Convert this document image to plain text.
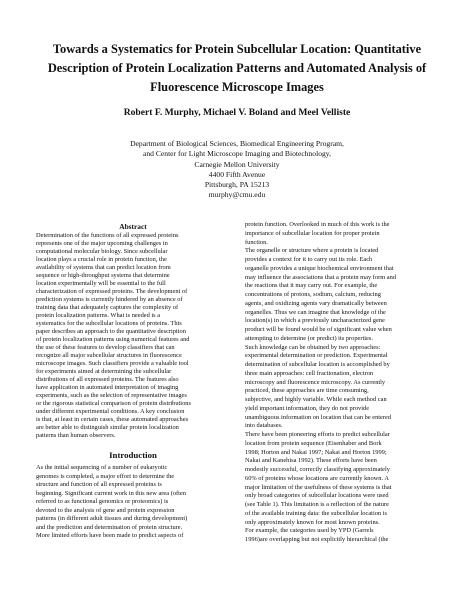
Towards a Systematics for Protein Subcellular Location: Quantitative
Description of Protein Localization Patterns and Automated Analysis of
Fluorescence Microscope Images
Robert F. Murphy, Michael V. Boland and Meel Velliste
Department of Biological Sciences, Biomedical Engineering Program,
and Center for Light Microscope Imaging and Biotechnology,
Carnegie Mellon University
4400 Fifth Avenue
Pittsburgh, PA 15213
murphy@cmu.edu
Abstract
Determination of the functions of all expressed proteins
represents one of the major upcoming challenges in
computational molecular biology. Since subcellular
location plays a crucial role in protein function, the
availability of systems that can predict location from
sequence or high-throughput systems that determine
location experimentally will be essential to the full
characterization of expressed proteins. The development of
prediction systems is currently hindered by an absence of
training data that adequately captures the complexity of
protein localization patterns. What is needed is a
systematics for the subcellular locations of proteins. This
paper describes an approach to the quantitative description
of protein localization patterns using numerical features and
the use of these features to develop classifiers that can
recognize all major subcellular structures in fluorescence
microscope images. Such classifiers provide a valuable tool
for experiments aimed at determining the subcellular
distributions of all expressed proteins. The features also
have application in automated interpretation of imaging
experiments, such as the selection of representative images
or the rigorous statistical comparison of protein distributions
under different experimental conditions. A key conclusion
is that, at least in certain cases, these automated approaches
are better able to distinguish similar protein localization
patterns than human observers.
Introduction
As the initial sequencing of a number of eukaryotic
genomes is completed, a major effort to determine the
structure and function of all expressed proteins is
beginning. Significant current work in this new area (often
referred to as functional genomics or proteomics) is
devoted to the analysis of gene and protein expression
patterns (in different adult tissues and during development)
and the prediction and determination of protein structure.
More limited efforts have been made to predict aspects of
protein function. Overlooked in much of this work is the
importance of subcellular location for proper protein
function.
The organelle or structure where a protein is located
provides a context for it to carry out its role. Each
organelle provides a unique biochemical environment that
may influence the associations that a protein may form and
the reactions that it may carry out. For example, the
concentrations of protons, sodium, calcium, reducing
agents, and oxidizing agents vary dramatically between
organelles. Thus we can imagine that knowledge of the
location(s) in which a previously uncharacterized gene
product will be found would be of significant value when
attempting to determine (or predict) its properties.
Such knowledge can be obtained by two approaches:
experimental determination or prediction. Experimental
determination of subcellular location is accomplished by
three main approaches: cell fractionation, electron
microscopy and fluorescence microscopy. As currently
practiced, these approaches are time consuming,
subjective, and highly variable. While each method can
yield important information, they do not provide
unambiguous information on location that can be entered
into databases.
There have been pioneering efforts to predict subcellular
location from protein sequence (Eisenhaber and Bork
1998; Horton and Nakai 1997; Nakai and Horton 1999;
Nakai and Kanehisa 1992). These efforts have been
modestly successful, correctly classifying approximately
60% of proteins whose locations are currently known. A
major limitation of the usefulness of these systems is that
only broad categories of subcellular locations were used
(see Table 1). This limitation is a reflection of the nature
of the available training data: the subcellular location is
only approximately known for most known proteins.
For example, the categories used by YPD (Garrels
1996)are overlapping but not explicitly hierarchical (the
